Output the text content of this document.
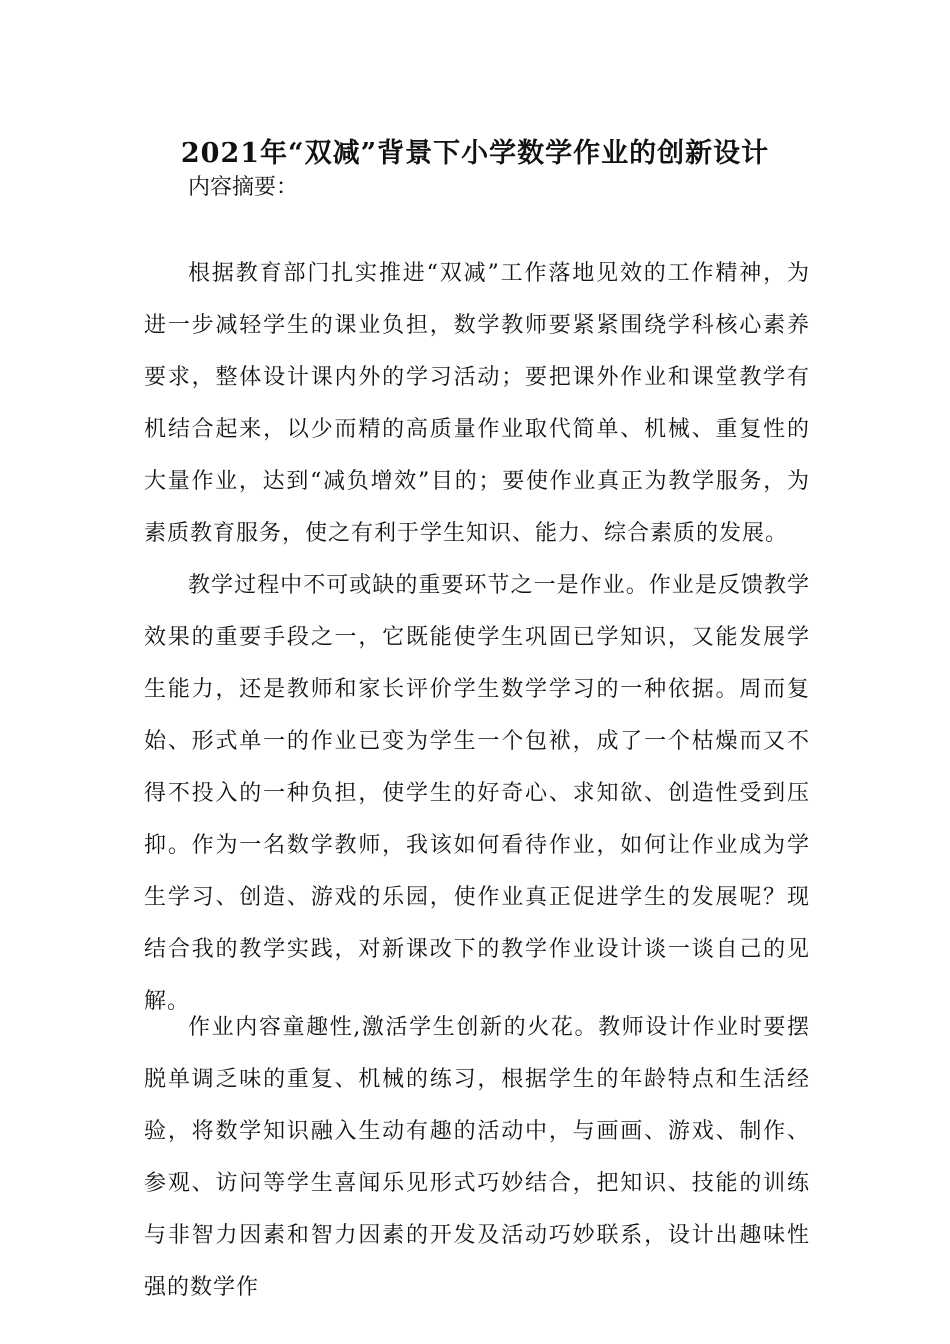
2021年“双减”背景下小学数学作业的创新设计

内容摘要：

根据教育部门扎实推进“双减”工作落地见效的工作精神，为进一步减轻学生的课业负担，数学教师要紧紧围绕学科核心素养要求，整体设计课内外的学习活动；要把课外作业和课堂教学有机结合起来，以少而精的高质量作业取代简单、机械、重复性的大量作业，达到“减负增效”目的；要使作业真正为教学服务，为素质教育服务，使之有利于学生知识、能力、综合素质的发展。

教学过程中不可或缺的重要环节之一是作业。作业是反馈教学效果的重要手段之一，它既能使学生巩固已学知识，又能发展学生能力，还是教师和家长评价学生数学学习的一种依据。周而复始、形式单一的作业已变为学生一个包袱，成了一个枯燥而又不得不投入的一种负担，使学生的好奇心、求知欲、创造性受到压抑。作为一名数学教师，我该如何看待作业，如何让作业成为学生学习、创造、游戏的乐园，使作业真正促进学生的发展呢？现结合我的教学实践，对新课改下的教学作业设计谈一谈自己的见解。

作业内容童趣性,激活学生创新的火花。教师设计作业时要摆脱单调乏味的重复、机械的练习，根据学生的年龄特点和生活经验，将数学知识融入生动有趣的活动中，与画画、游戏、制作、参观、访问等学生喜闻乐见形式巧妙结合，把知识、技能的训练与非智力因素和智力因素的开发及活动巧妙联系，设计出趣味性强的数学作
